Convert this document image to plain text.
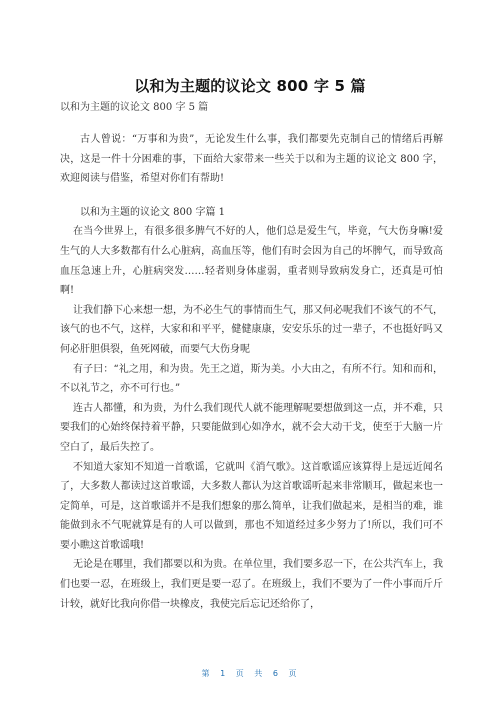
以和为主题的议论文 800 字 5 篇
以和为主题的议论文 800 字 5 篇

古人曾说：“万事和为贵”，无论发生什么事，我们都要先克制自己的情绪后再解决，这是一件十分困难的事，下面给大家带来一些关于以和为主题的议论文 800 字，欢迎阅读与借鉴，希望对你们有帮助!

以和为主题的议论文 800 字篇 1

在当今世界上，有很多很多脾气不好的人，他们总是爱生气，毕竟，气大伤身嘛!爱生气的人大多数都有什么心脏病，高血压等，他们有时会因为自己的坏脾气，而导致高血压急速上升，心脏病突发……轻者则身体虚弱，重者则导致病发身亡，还真是可怕啊!

让我们静下心来想一想，为不必生气的事情而生气，那又何必呢我们不该气的不气，该气的也不气，这样，大家和和平平，健健康康，安安乐乐的过一辈子，不也挺好吗又何必肝胆俱裂，鱼死网破，而要气大伤身呢

有子曰：“礼之用，和为贵。先王之道，斯为美。小大由之，有所不行。知和而和，不以礼节之，亦不可行也。”

连古人都懂，和为贵，为什么我们现代人就不能理解呢要想做到这一点，并不难，只要我们的心始终保持着平静，只要能做到心如净水，就不会大动干戈，使至于大脑一片空白了，最后失控了。

不知道大家知不知道一首歌谣，它就叫《消气歌》。这首歌谣应该算得上是远近闻名了，大多数人都读过这首歌谣，大多数人都认为这首歌谣听起来非常顺耳，做起来也一定简单，可是，这首歌谣并不是我们想象的那么简单，让我们做起来，是相当的难，谁能做到永不气呢就算是有的人可以做到，那也不知道经过多少努力了!所以，我们可不要小瞧这首歌谣哦!

无论是在哪里，我们都要以和为贵。在单位里，我们要多忍一下，在公共汽车上，我们也要一忍，在班级上，我们更是要一忍了。在班级上，我们不要为了一件小事而斤斤计较，就好比我向你借一块橡皮，我使完后忘记还给你了，

第 1 页 共 6 页
